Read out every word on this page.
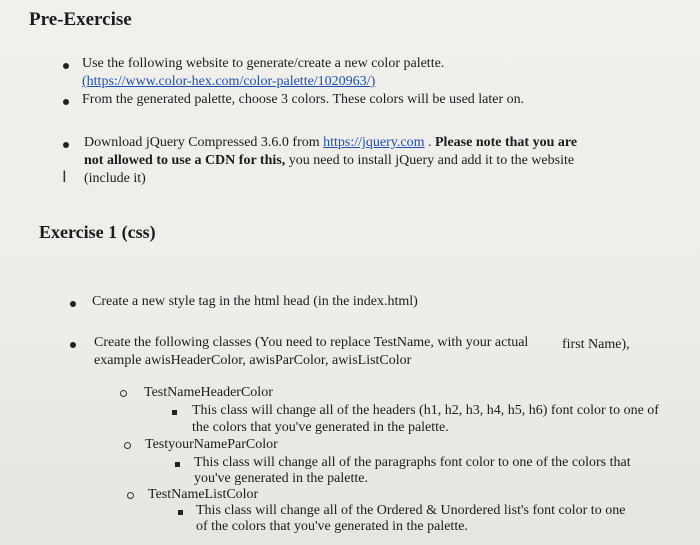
Pre-Exercise
Use the following website to generate/create a new color palette.
(https://www.color-hex.com/color-palette/1020963/)
From the generated palette, choose 3 colors. These colors will be used later on.
Download jQuery Compressed 3.6.0 from https://jquery.com . Please note that you are
not allowed to use a CDN for this, you need to install jQuery and add it to the website
I (include it)
Exercise 1 (css)
Create a new style tag in the html head (in the index.html)
Create the following classes (You need to replace TestName, with your actual first Name),
example awisHeaderColor, awisParColor, awisListColor
TestNameHeaderColor
This class will change all of the headers (h1, h2, h3, h4, h5, h6) font color to one of
the colors that you've generated in the palette.
TestyourNameParColor
This class will change all of the paragraphs font color to one of the colors that
you've generated in the palette.
TestNameListColor
This class will change all of the Ordered & Unordered list's font color to one
of the colors that you've generated in the palette.
